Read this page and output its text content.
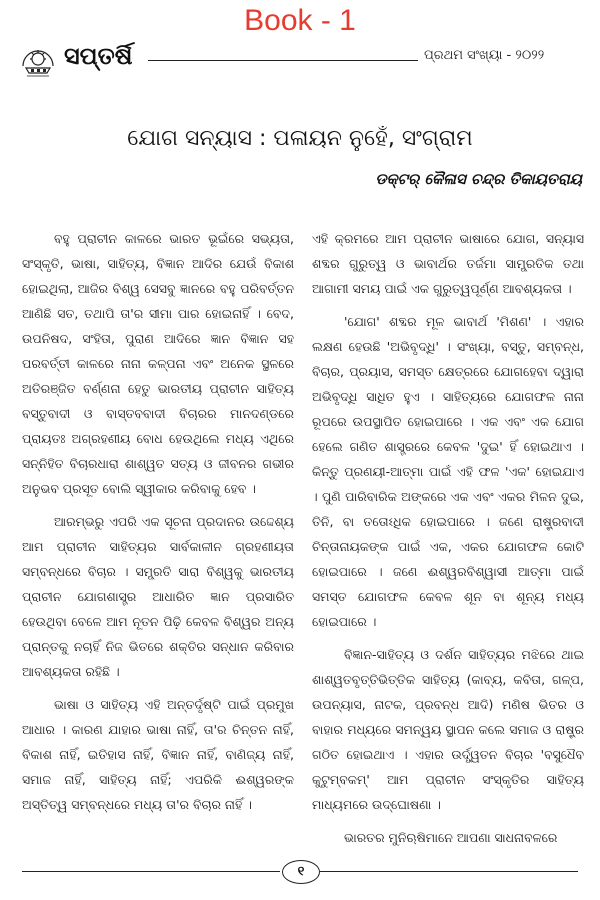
Book - 1
ସପ୍ତର୍ଷି	ପ୍ରଥମ ସଂଖ୍ୟା - ୨୦୨୨
ଯୋଗ ସନ୍ୟାସ : ପଳାୟନ ନୁହେଁ, ସଂଗ୍ରାମ
ଡକ୍ଟର୍ କୈଳାସ ଚନ୍ଦ୍ର ତିକାୟତରାୟ

ବହୁ ପ୍ରାଚୀନ କାଳରେ ଭାରତ ଭୂଇଁରେ ସଭ୍ୟତା, ସଂସ୍କୃତି, ଭାଷା, ସାହିତ୍ୟ, ବିଜ୍ଞାନ ଆଦିର ଯେଉଁ ବିକାଶ ହୋଇଥିଲା, ଆଜିର ବିଶ୍ୱ ସେସବୁ ଜ୍ଞାନରେ ବହୁ ପରିବର୍ତ୍ତନ ଆଣିଛି ସତ, ତଥାପି ତା'ର ସୀମା ପାର ହୋଇନାହିଁ । ବେଦ, ଉପନିଷଦ, ସଂହିତା, ପୁରାଣ ଆଦିରେ ଜ୍ଞାନ ବିଜ୍ଞାନ ସହ ପରବର୍ତ୍ତୀ କାଳରେ ନାନା କଳ୍ପନା ଏବଂ ଅନେକ ସ୍ଥଳରେ ଅତିରଞ୍ଜିତ ବର୍ଣ୍ଣନା ହେତୁ ଭାରତୀୟ ପ୍ରାଚୀନ ସାହିତ୍ୟ ବସ୍ତୁବାଦୀ ଓ ବାସ୍ତବବାଦୀ ବିଚାରର ମାନଦଣ୍ଡରେ ପ୍ରାୟତଃ ଅଗ୍ରହଣୀୟ ବୋଧ ହେଉଥିଲେ ମଧ୍ୟ ଏଥିରେ ସନ୍ନିହିତ ବିଚାରଧାରା ଶାଶ୍ୱତ ସତ୍ୟ ଓ ଜୀବନର ଗଭୀର ଅନୁଭବ ପ୍ରସୂତ ବୋଲି ସ୍ୱୀକାର କରିବାକୁ ହେବ ।

ଆରମ୍ଭରୁ ଏପରି ଏକ ସୂଚନା ପ୍ରଦାନର ଉଦ୍ଦେଶ୍ୟ ଆମ ପ୍ରାଚୀନ ସାହିତ୍ୟର ସାର୍ବକାଳୀନ ଗ୍ରହଣୀୟତା ସମ୍ବନ୍ଧରେ ବିଚାର । ସମ୍ପ୍ରତି ସାରା ବିଶ୍ୱକୁ ଭାରତୀୟ ପ୍ରାଚୀନ ଯୋଗଶାସ୍ତ୍ର ଆଧାରିତ ଜ୍ଞାନ ପ୍ରସାରିତ ହେଉଥିବା ବେଳେ ଆମ ନୂତନ ପିଢ଼ି କେବଳ ବିଶ୍ୱର ଅନ୍ୟ ପ୍ରାନ୍ତକୁ ନଚାହିଁ ନିଜ ଭିତରେ ଶକ୍ତିର ସନ୍ଧାନ କରିବାର ଆବଶ୍ୟକତା ରହିଛି ।

ଭାଷା ଓ ସାହିତ୍ୟ ଏହି ଅନ୍ତର୍ଦୃଷ୍ଟି ପାଇଁ ପ୍ରମୁଖ ଆଧାର । କାରଣ ଯାହାର ଭାଷା ନାହିଁ, ତା'ର ଚିନ୍ତନ ନାହିଁ, ବିକାଶ ନାହିଁ, ଇତିହାସ ନାହିଁ, ବିଜ୍ଞାନ ନାହିଁ, ବାଣିଜ୍ୟ ନାହିଁ, ସମାଜ ନାହିଁ, ସାହିତ୍ୟ ନାହିଁ; ଏପରିକି ଈଶ୍ୱରଙ୍କ ଅସ୍ତିତ୍ୱ ସମ୍ବନ୍ଧରେ ମଧ୍ୟ ତା'ର ବିଚାର ନାହିଁ ।

ଏହି କ୍ରମରେ ଆମ ପ୍ରାଚୀନ ଭାଷାରେ ଯୋଗ, ସନ୍ୟାସ ଶବ୍ଦର ଗୁରୁତ୍ୱ ଓ ଭାବାର୍ଥର ତର୍ଜମା ସାମ୍ପ୍ରତିକ ତଥା ଆଗାମୀ ସମୟ ପାଇଁ ଏକ ଗୁରୁତ୍ୱପୂର୍ଣ୍ଣ ଆବଶ୍ୟକତା ।

'ଯୋଗ' ଶବ୍ଦର ମୂଳ ଭାବାର୍ଥ 'ମିଶଣ' । ଏହାର ଲକ୍ଷଣ ହେଉଛି 'ଅଭିବୃଦ୍ଧି' । ସଂଖ୍ୟା, ବସ୍ତୁ, ସମ୍ବନ୍ଧ, ବିଚାର, ପ୍ରୟାସ, ସମସ୍ତ କ୍ଷେତ୍ରରେ ଯୋଗହେବା ଦ୍ୱାରା ଅଭିବୃଦ୍ଧି ସାଧିତ ହୁଏ । ସାହିତ୍ୟରେ ଯୋଗଫଳ ନାନା ରୂପରେ ଉପସ୍ଥାପିତ ହୋଇପାରେ । ଏକ ଏବଂ ଏକ ଯୋଗ ହେଲେ ଗଣିତ ଶାସ୍ତ୍ରରେ କେବଳ 'ଦୁଇ' ହିଁ ହୋଇଥାଏ । କିନ୍ତୁ ପ୍ରଣୟୀ-ଆତ୍ମା ପାଇଁ ଏହି ଫଳ 'ଏକ' ହୋଇଯାଏ । ପୁଣି ପାରିବାରିକ ଅଙ୍କରେ ଏକ ଏବଂ ଏକର ମିଳନ ଦୁଇ, ତିନି, ବା ତତୋଽଧିକ ହୋଇପାରେ । ଜଣେ ରାଷ୍ଟ୍ରବାଦୀ ଚିନ୍ତାନାୟକଙ୍କ ପାଇଁ ଏକ, ଏକର ଯୋଗଫଳ କୋଟି ହୋଇପାରେ । ଜଣେ ଈଶ୍ୱରବିଶ୍ୱାସୀ ଆତ୍ମା ପାଇଁ ସମସ୍ତ ଯୋଗଫଳ କେବଳ ଶୂନ ବା ଶୂନ୍ୟ ମଧ୍ୟ ହୋଇପାରେ ।

ବିଜ୍ଞାନ-ସାହିତ୍ୟ ଓ ଦର୍ଶନ ସାହିତ୍ୟର ମଝିରେ ଥାଇ ଶାଶ୍ୱତବୃତ୍ତିଭିତ୍ତିକ ସାହିତ୍ୟ (କାବ୍ୟ, କବିତା, ଗଳ୍ପ, ଉପନ୍ୟାସ, ନାଟକ, ପ୍ରବନ୍ଧ ଆଦି) ମଣିଷ ଭିତର ଓ ବାହାର ମଧ୍ୟରେ ସମନ୍ୱୟ ସ୍ଥାପନ କଲେ ସମାଜ ଓ ରାଷ୍ଟ୍ର ଗଠିତ ହୋଇଥାଏ । ଏହାର ଉର୍ଦ୍ଧ୍ୱତନ ବିଚାର 'ବସୁଧୈବ କୁଟୁମ୍ବକମ୍' ଆମ ପ୍ରାଚୀନ ସଂସ୍କୃତିର ସାହିତ୍ୟ ମାଧ୍ୟମରେ ଉଦ୍‌ଘୋଷଣା ।

ଭାରତର ମୁନିଋଷିମାନେ ଆପଣା ସାଧନାବଳରେ

୧
